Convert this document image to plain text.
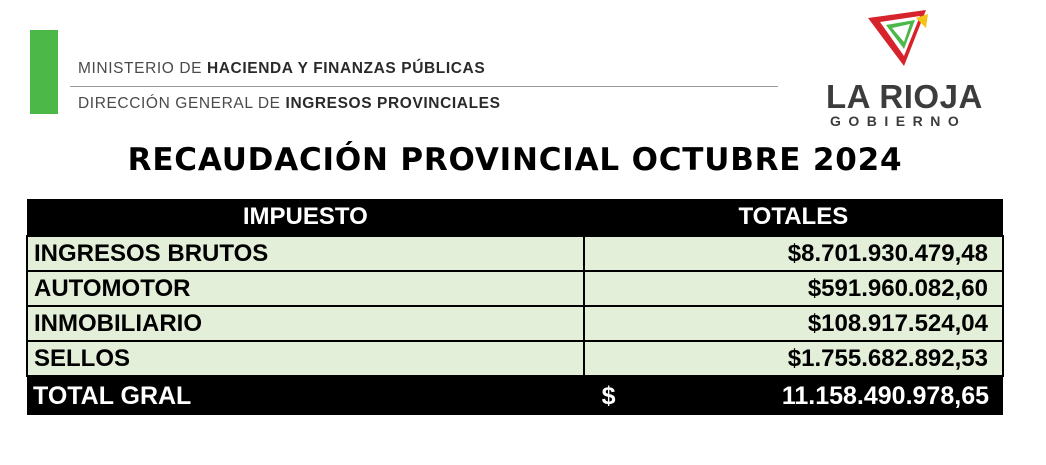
MINISTERIO DE HACIENDA Y FINANZAS PÚBLICAS
DIRECCIÓN GENERAL DE INGRESOS PROVINCIALES	LA RIOJA
GOBIERNO
RECAUDACIÓN PROVINCIAL OCTUBRE 2024
IMPUESTO	TOTALES
INGRESOS BRUTOS	$8.701.930.479,48
AUTOMOTOR	$591.960.082,60
INMOBILIARIO	$108.917.524,04
SELLOS	$1.755.682.892,53
TOTAL GRAL	$ 11.158.490.978,65
